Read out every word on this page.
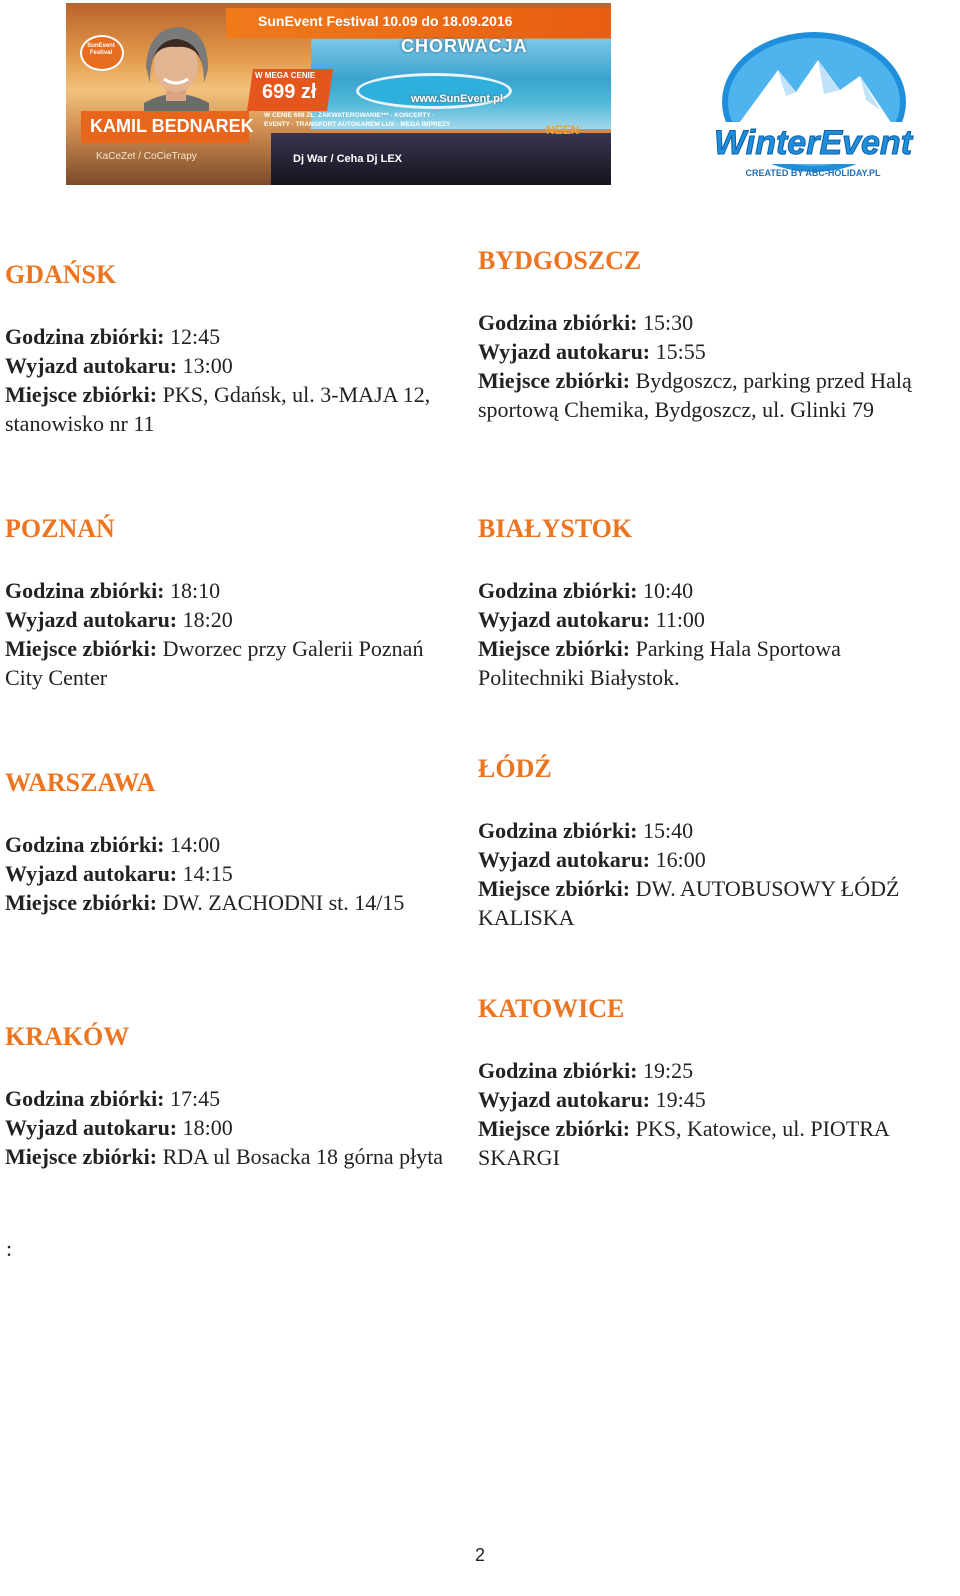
SunEvent Festival 10.09 do 18.09.2016
CHORWACJA
SunEvent Festival
W MEGA CENIE
699 zł	www.SunEvent.pl
KAMIL BEDNAREK
W CENIE 699 ZŁ: ZAKWATEROWANIE*** · KONCERTY · EVENTY · TRANSPORT AUTOKAREM LUX · MEGA IMPREZY
KaCeZet / CoCieTrapy	Dj War / Ceha Dj LEX
NEEN	WinterEvent
CREATED BY ABC-HOLIDAY.PL
GDAŃSK
Godzina zbiórki: 12:45
Wyjazd autokaru: 13:00
Miejsce zbiórki: PKS, Gdańsk, ul. 3-MAJA 12, stanowisko nr 11
BYDGOSZCZ
Godzina zbiórki: 15:30
Wyjazd autokaru: 15:55
Miejsce zbiórki: Bydgoszcz, parking przed Halą sportową Chemika, Bydgoszcz, ul. Glinki 79
POZNAŃ
Godzina zbiórki: 18:10
Wyjazd autokaru: 18:20
Miejsce zbiórki: Dworzec przy Galerii Poznań City Center
BIAŁYSTOK
Godzina zbiórki: 10:40
Wyjazd autokaru: 11:00
Miejsce zbiórki: Parking Hala Sportowa Politechniki Białystok.
WARSZAWA
Godzina zbiórki: 14:00
Wyjazd autokaru: 14:15
Miejsce zbiórki: DW. ZACHODNI st. 14/15
ŁÓDŹ
Godzina zbiórki: 15:40
Wyjazd autokaru: 16:00
Miejsce zbiórki: DW. AUTOBUSOWY ŁÓDŹ KALISKA
KRAKÓW
Godzina zbiórki: 17:45
Wyjazd autokaru: 18:00
Miejsce zbiórki: RDA ul Bosacka 18 górna płyta
KATOWICE
Godzina zbiórki: 19:25
Wyjazd autokaru: 19:45
Miejsce zbiórki: PKS, Katowice, ul. PIOTRA SKARGI
:
2
